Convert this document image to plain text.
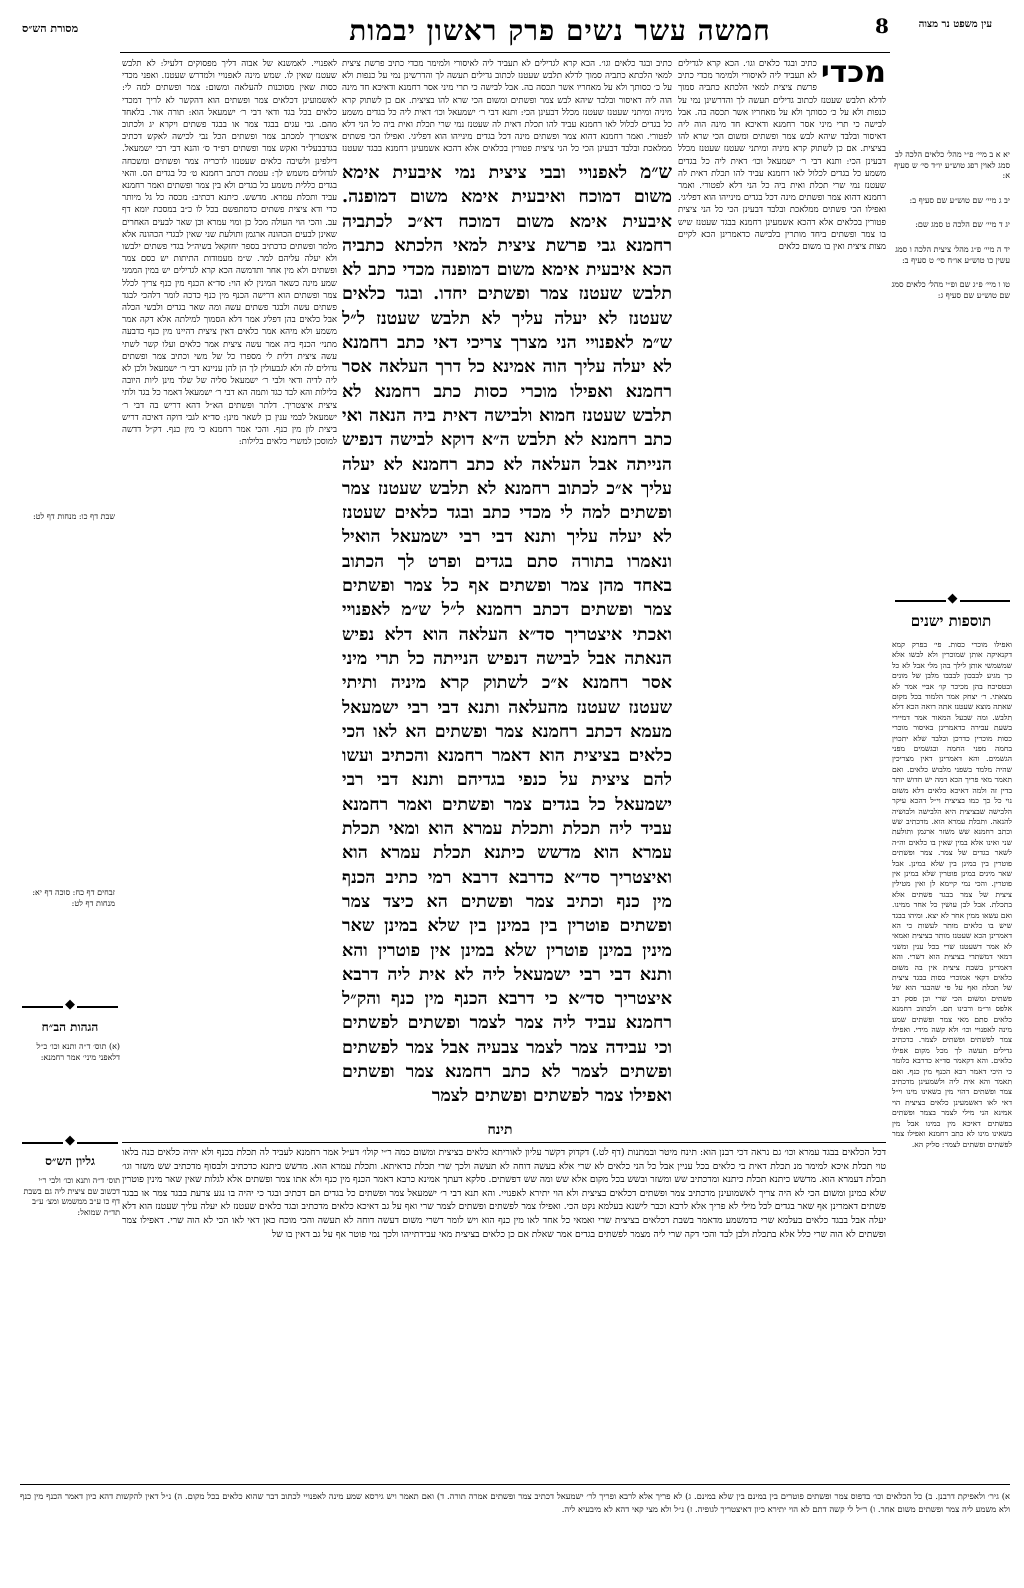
מסורת הש״ס	חמשה עשר נשים פרק ראשון יבמות	8	עין משפט נר מצוה
שבת דף כו: מנחות דף לט:
זבחים דף כח: סוכה דף יא: מנחות דף לט:
◆
הגהות הב״ח
(א) תוס׳ ד״ה ותנא וכו׳ כ״ל דלאפני מיני׳ אמר רחמנא:
◆
גליון הש״ס
תוס׳ ד״ה ותנא וכו׳ ולבי ר׳י דכשוב שם ציצית ליה גם בשבת דף כו ע״ב ממשמש ומצ׳ ע״ב תד״ה שמואל:
לאפנויי. לאמשנא של אבוה דליך מפסוקים דלעיל: לא תלבש שעטנז שאין לו. שמש מינה לאפנויי ולמדרש שעטנז. ואפני מכדי כסות שאין מסוכנות להעלאה ומשום: צמר ופשתים למה לי: לאשמועינן דכלאים צמר ופשתים הוא דהקשר לא לריך דמכדי כלאים בכל בגד ודאי דבי ר׳ ישמעאל הוא: תורה אור. בלאחד מהם. גבי עגים בבגד צמר או בבגד פשתים ויקרא יג ולכתוב איצטריך למכתב צמר ופשתים הכל נבי לכישה לאקש דכתיב בגדבבעל״ד ואקש צמר ופשתים דפ״ד ס׳ והנא דבי רבי ישמעאל. דילפינן ולשיבה כלאים שעטנזו לדכריה צמר ופשתים ומשכחה לגדולים משמש לך: עטמת דכתב רחמנא ט׳ כל בגדים הס. והאי בגדים כללית משמע כל בגדים ולא בין צמר ופשתים ואמר רחמנא עביד ותכלת עמרא. מדשש. כיתנא דכתיב: מכסה כל גל מיותר כדי ודא ציצית פשתים כדמתפשם בכל לו כ״ב במסכת יומא דף עב. והכי הוי העולה מכל כן ומוי עמרא וכן שאר לבעים האחרים שאינן לבעים הכהונה ארגמן ותולעת שני שאין לבגדי הכהונה אלא מלמר ופשתים כדכתיב בספר יחזקאל בשיה״ל בגדי פשתים ילבשו ולא יעלה עליהם למר. ש״מ מעמודות התיתות יש כסם צמר ופשתים ולא מין אחר ותדמשה הכא קרא לגדילים יש במין הממני שמע מינה כשאר המינין לא הוי: סד״א הכנף מין כנף צריך לכלל צמר ופשתים הוא דרישה הכנף מין כנף כדכה לומר דלהכי לבגד פשתים עשה ולבגד פשתים עשה ומה שאר בגדים ולבשי הכלה אבל כלאים בהן דפליג אמר דלא הסמוך למילתה אלא דקה אמר משמע ולא מיהא אמר כלאים דאין ציצית דהיינו מין כנף כדבעה מתני׳ הכנף ביה אמר עשה ציצית אמר כלאים ועלו קשר לשתי עשה ציצית דלית לי מספרו כל של משי וכתיב צמר ופשתים גדולים לה ולא לגבעולין לך הן להן עניינא דבי ר׳ ישמעאל ולכן לא ליה לדיה ודאי ולבי ר׳ ישמעאל סליה של שלד מינן ליות היובה בלילות והא לבד כגד ותמה הא דבי ר׳ ישמעאל דאמר כל בגד ולתי ציצית איצטריך. דלתר ופשתים הא״ל דהא דריש בה דבי ר׳ ישמעאל לבמי ענין כן לשאר מינן: סד״א לגבי דוקה דאיכה דריש ביצית לון מין כנף. והכי אמר רחמנא כי מין כנף. דק״ל דדשה למוסכן למשרי כלאים בלילות:
ש״מ לאפנויי ובבי ציצית נמי איבעית אימא משום דמוכח ואיבעית אימא משום דמופנה. איבעית אימא משום דמוכח דא״כ לכתביה רחמנא גבי פרשת ציצית למאי הלכתא כתביה הכא איבעית אימא משום דמופנה מכדי כתב לא תלבש שעטנז צמר ופשתים יחדו. ובגד כלאים שעטנז לא יעלה עליך לא תלבש שעטנז ל״ל ש״מ לאפנויי הני מצרך צריכי דאי כתב רחמנא לא יעלה עליך הוה אמינא כל דרך העלאה אסר רחמנא ואפילו מוכרי כסות כתב רחמנא לא תלבש שעטנז חמוא ולבישה דאית ביה הנאה ואי כתב רחמנא לא תלבש ה״א דוקא לבישה דנפיש הנייתה אבל העלאה לא כתב רחמנא לא יעלה עליך א״כ לכתוב רחמנא לא תלבש שעטנז צמר ופשתים למה לי מכדי כתב ובגד כלאים שעטנז לא יעלה עליך ותנא דבי רבי ישמעאל הואיל ונאמרו בתורה סתם בגדים ופרט לך הכתוב באחד מהן צמר ופשתים אף כל צמר ופשתים צמר ופשתים דכתב רחמנא ל״ל ש״מ לאפנויי ואכתי איצטריך סד״א העלאה הוא דלא נפיש הנאתה אבל לבישה דנפיש הנייתה כל תרי מיני אסר רחמנא א״כ לשתוק קרא מיניה ותיתי שעטנז שעטנז מהעלאה ותנא דבי רבי ישמעאל מעמא דכתב רחמנא צמר ופשתים הא לאו הכי כלאים בציצית הוא דאמר רחמנא והכתיב ועשו להם ציצית על כנפי בגדיהם ותנא דבי רבי ישמעאל כל בגדים צמר ופשתים ואמר רחמנא עביד ליה תכלת ותכלת עמרא הוא ומאי תכלת עמרא הוא מדשש כיתנא תכלת עמרא הוא ואיצטריך סד״א כדרבא דרבא רמי כתיב הכנף מין כנף וכתיב צמר ופשתים הא כיצד צמר ופשתים פוטרין בין במינן בין שלא במינן שאר מינין במינן פוטרין שלא במינן אין פוטרין והא ותנא דבי רבי ישמעאל ליה לא אית ליה דרבא איצטריך סד״א כי דרבא הכנף מין כנף והק״ל רחמנא עביד ליה צמר לצמר ופשתים לפשתים וכי עבידה צמר לצמר צבעיה אבל צמר לפשתים ופשתים לצמר לא כתב רחמנא צמר ופשתים ואפילו צמר לפשתים ופשתים לצמר
תינח
כתיב ובגד כלאים וגו׳. הכא קרא לגדילים לא תעביד ליה לאיסורי ולמימר מכדי כתיב פרשת ציצית למאי הלכתא כתביה סמוך לדלא תלבש שעטנז לכתוב גדילים תעשה לך והדרשינן נמי על כנפות ולא על כ׳ כסותך ולא על מאחריו אשר תכסה בה. אבל לבישה כי תרי מיני אסר רחמנא ודאיכא חד מינה הוה ליה דאיסור ובלבד שיהא לבש צמר ופשתים ומשום הכי שרא להו בציצית. אם כן לשתוק קרא מיניה ומיתני שעטנז שעטנז מכלל דבעינן הכי: ותנא דבי ר׳ ישמעאל וכו׳ דאית ליה כל בגדים משמע כל בגדים לכלול לאו רחמנא עביד להו תכלת דאית לה שעטנז נמי שרי תכלת ואית ביה כל הני דלא לפטורי. ואמר רחמנא דהוא צמר ופשתים מינה דכל בגדים מינייהו הוא דפליגי. ואפילו הכי פשתים ממלאכת ובלבד דבעינן הכי כל הני ציצית פטורין בכלאים אלא דהכא אשמעינן רחמנא בבגד שעטנז
מכדי
כתיב ובגד כלאים וגו׳. הכא קרא לגדילים לא תעביד ליה לאיסורי ולמימר מכדי כתיב פרשת ציצית למאי הלכתא כתביה סמוך לדלא תלבש שעטנז לכתוב גדילים תעשה לך והדרשינן נמי על כנפות ולא על כ׳ כסותך ולא על מאחריו אשר תכסה בה. אבל לבישה כי תרי מיני אסר רחמנא ודאיכא חד מינה הוה ליה דאיסור ובלבד שיהא לבש צמר ופשתים ומשום הכי שרא להו בציצית. אם כן לשתוק קרא מיניה ומיתני שעטנז שעטנז מכלל דבעינן הכי: ותנא דבי ר׳ ישמעאל וכו׳ דאית ליה כל בגדים משמע כל בגדים לכלול לאו רחמנא עביד להו תכלת דאית לה שעטנז נמי שרי תכלת ואית ביה כל הני דלא לפטורי. ואמר רחמנא דהוא צמר ופשתים מינה דכל בגדים מינייהו הוא דפליגי. ואפילו הכי פשתים ממלאכת ובלבד דבעינן הכי כל הני ציצית פטורין בכלאים אלא דהכא אשמעינן רחמנא בבגד שעטנז שיש בו צמר ופשתים ביחד מותרין בלבישה כדאמרינן הכא לקיים מצות ציצית ואין בו משום כלאים
יא א ב מיי׳ פ״י מהל׳ כלאים הלכה לב סמג לאוין רפג טוש״ע יו״ד סי׳ ש סעיף א:
יב ג מיי׳ שם טוש״ע שם סעיף ב:
יג ד מיי׳ שם הלכה ט סמג שם:
יד ה מיי׳ פ״ג מהל׳ ציצית הלכה ו סמג עשין כו טוש״ע או״ח סי׳ ט סעיף ב:
טו ו מיי׳ פ״ג שם ופ״י מהל׳ כלאים סמג שם טוש״ע שם סעיף ג:
◆
תוספות ישנים
ואפילו מוכרי כסות. פי׳ בפרק קמא דקנאיקה אותן שמוכרין ולא לבשו אלא שמשמשי אותן לילך בהן מלי אבל לא כל כך מגיע לבבכון לבבבו מלבן של מונים ובטסיכח בהן מכיכר קו׳ אביי אמר לא מצאתי. ר׳ יצחק אמר הלמוד בכל מקום שאתה מוצא שעטנז אתה רואה הכא דלא תלבש. ומה שבעל המאור אמר דמיירי בשעת עבירה כדאמרינן באיסור מוכרי כסות מוכרין כדרכן ובלבד שלא יתכוין בחמה מפני החמה ובגשמים מפני הגשמים. והא דאמרינן דאין מצריכין שהיה מלמד בשפני מלבוש כלאים. ואם תאמר מאי פריך הכא דמה יש חדוש יותר בדין זה ולמה דאיכא כלאים דלא משום נוי כל כך כמו בציצית וי״ל דהכא עיקר הלבישה שבציצית היא הלבישה ולבושיה להנאה. ותכלת עמרא הוא. מדכתיב שש וכתב רחמנא שש משזר ארגמן ותולעת שני ואינו אלא במין שאין בו כלאים וה״ה לשאר בגדים של צמר. צמר ופשתים פוטרין בין במינן בין שלא במינן. אבל שאר מינים במינן פוטרין שלא במינן אין פוטרין. והכי נמי קיימא לן ואין מטילין ציצית של צמר בבגד פשתים אלא בתכלת. אבל לבן עושין כל אחד ממינו. ואם עשאו ממין אחר לא יצא. ומיהו בבגד שיש בו כלאים מותר לעשות כי הא דאמרינן הכא שעטנז מותר בציצית ואמאי לא אמר דשעטנז שרי בכל ענין ומשני דמאי דמשתרי בציצית הוא דשרי. והא דאמרינן בשבת ציצית אין בה משום כלאים דקאי אמוכרי כסות בבגד ציצית של תכלת ואף על פי שהבגד הוא של פשתים ומשום הכי שרי וכן פסק רב אלפס ור״מ ורבינו תם. ולכתוב רחמנא כלאים סתם מאי צמר ופשתים שמע מינה לאפנויי וכו׳ ולא קשה מידי. ואפילו צמר לפשתים ופשתים לצמר. כדכתיב גדילים תעשה לך מכל מקום אפילו כלאים. והא דקאמר סד״א כדרבא כלומר כי היכי דאמר רבא הכנף מין כנף. ואם תאמר והא אית ליה ולשמעינן מדכתיב צמר ופשתים דהוי מין בשאינו מינו וי״ל דאי לאו דאשמעינן כלאים בציצית הוי אמינא הני מילי לצמר בצמר ופשתים בפשתים דאיכא מין במינו אבל מין בשאינו מינו לא כתב רחמנא ואפילו צמר לפשתים ופשתים לצמר: סליק הא.
דכל הכלאים בבגד עמרא וכו׳ גם נראה דכי רבנן הוא: תינח מיטר ובמתנות (דף לט.) דקדוק דקשר עליון לאוריתא כלאים בציצית ומשום כמה ר״י קולו׳ דע״ל אמר רחמנא לעביד לה תכלת בכנף ולא יהיה כלאים כנה בלאו טוי תכלת איכא למימר מנ תכלת דאית בי כלאים בכל עניין אבל כל הני כלאים לא שרי אלא בעשה דוחה לא תעשה ולכך שרי תכלת כדאיתא. ותכלת עמרא הוא. מדשש כיתנא כדכתיב ולבסוף מדכתיב שש משזר וגו׳ תכלת דעמרא הוא. מדשש כיתנא תכלת כיתנא ומדכתיב שש ומשזר ובשש בכל מקום אלא שש ומה שש דפשתים. סלקא דעתך אמינא כרבא דאמר הכנף מין כנף ולא אתו צמר ופשתים אלא לגלות שאין שאר מינין פוטרין שלא במינן ומשום הכי לא היה צריך לאשמועינן מדכתיב צמר ופשתים דכלאים בציצית ולא הוי יתירא לאפנויי. והא תנא דבי ר׳ ישמעאל צמר ופשתים כל בגדים הם דכתיב ובגד כי יהיה בו נגע צרעת בבגד צמר או בבגד פשתים דאמרינן אף שאר בגדים לכל מילי לא פריך אלא לרבא וכבר לישנא בעלמא נקט הכי. ואפילו צמר לפשתים ופשתים לצמר שרי ואף על גב דאיכא כלאים מדכתיב ובגד כלאים שעטנז לא יעלה עליך שעטנז הוא דלא יעלה אבל בבגד כלאים בעלמא שרי כדמשמע מדאמר בשבת דכלאים בציצית שרי ואמאי כל אחד לאו מין כנף הוא ויש לומר דשרי משום דעשה דוחה לא תעשה והכי מוכח כאן דאי לאו הכי לא הוה שרי. דאפילו צמר ופשתים לא הוה שרי כלל אלא בתכלת ולבן לבד והכי דקה שרי ליה מצמר לפשתים בגדים אמר שאלת אם כן כלאים בציצית מאי עבידתייהו ולכך נמי פוטר אף על גב דאין בו של
א) גיר׳ ולאפיקת דרבנן. ב) כל הכלאים וכו׳ בדפוס צמר ופשתים פוטרים בין במינם בין שלא במינם. ג) לא פריך אלא לרבא ופריך לר׳ ישמעאל דכתיב צמר ופשתים אמרה תורה. ד) ואם תאמר ויש גירסא שמע מינה לאפנויי לכתוב דבר שהוא כלאים בכל מקום. ה) נ״ל דאין להקשות דהא כיון דאמר הכנף מין כנף ולא משמע ליה צמר ופשתים משום אחר. ו) ר״ל לי קשה דתם לא הוי יתירא כיון דאיצטריך לגופיה. ז) נ״ל ולא מצי קאי דהא לא מיבעיא ליה.
